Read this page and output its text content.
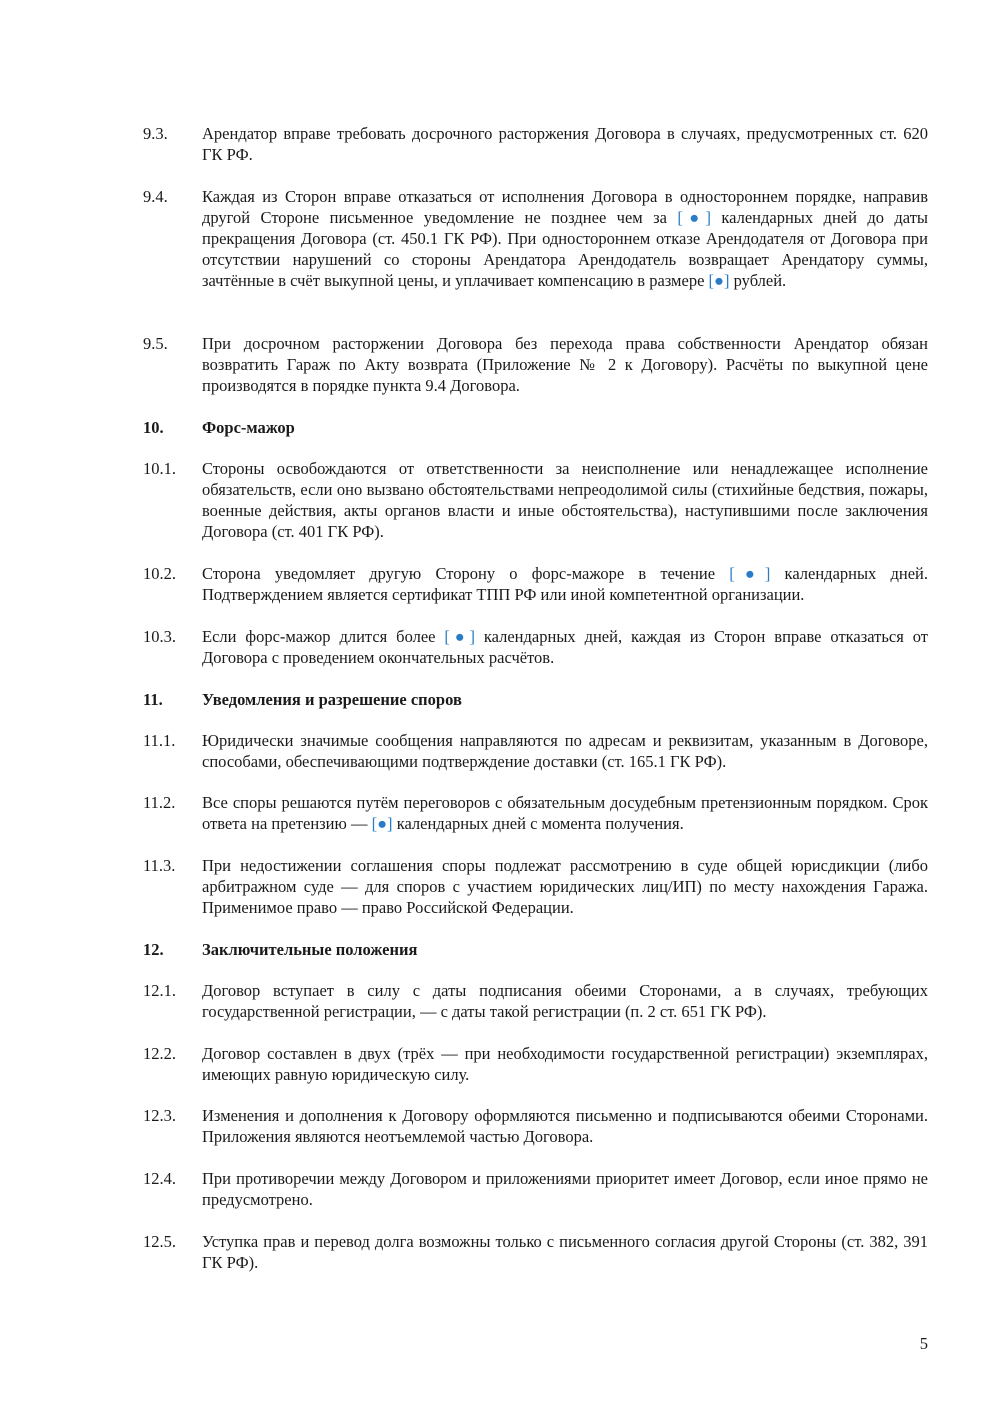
9.3.	Арендатор вправе требовать досрочного расторжения Договора в случаях, предусмотренных ст. 620 ГК РФ.
9.4.	Каждая из Сторон вправе отказаться от исполнения Договора в одностороннем порядке, направив другой Стороне письменное уведомление не позднее чем за [●] календарных дней до даты прекращения Договора (ст. 450.1 ГК РФ). При одностороннем отказе Арендодателя от Договора при отсутствии нарушений со стороны Арендатора Арендодатель возвращает Арендатору суммы, зачтённые в счёт выкупной цены, и уплачивает компенсацию в размере [●] рублей.
9.5.	При досрочном расторжении Договора без перехода права собственности Арендатор обязан возвратить Гараж по Акту возврата (Приложение № 2 к Договору). Расчёты по выкупной цене производятся в порядке пункта 9.4 Договора.
10.	Форс-мажор
10.1.	Стороны освобождаются от ответственности за неисполнение или ненадлежащее исполнение обязательств, если оно вызвано обстоятельствами непреодолимой силы (стихийные бедствия, пожары, военные действия, акты органов власти и иные обстоятельства), наступившими после заключения Договора (ст. 401 ГК РФ).
10.2.	Сторона уведомляет другую Сторону о форс-мажоре в течение [●] календарных дней. Подтверждением является сертификат ТПП РФ или иной компетентной организации.
10.3.	Если форс-мажор длится более [●] календарных дней, каждая из Сторон вправе отказаться от Договора с проведением окончательных расчётов.
11.	Уведомления и разрешение споров
11.1.	Юридически значимые сообщения направляются по адресам и реквизитам, указанным в Договоре, способами, обеспечивающими подтверждение доставки (ст. 165.1 ГК РФ).
11.2.	Все споры решаются путём переговоров с обязательным досудебным претензионным порядком. Срок ответа на претензию — [●] календарных дней с момента получения.
11.3.	При недостижении соглашения споры подлежат рассмотрению в суде общей юрисдикции (либо арбитражном суде — для споров с участием юридических лиц/ИП) по месту нахождения Гаража. Применимое право — право Российской Федерации.
12.	Заключительные положения
12.1.	Договор вступает в силу с даты подписания обеими Сторонами, а в случаях, требующих государственной регистрации, — с даты такой регистрации (п. 2 ст. 651 ГК РФ).
12.2.	Договор составлен в двух (трёх — при необходимости государственной регистрации) экземплярах, имеющих равную юридическую силу.
12.3.	Изменения и дополнения к Договору оформляются письменно и подписываются обеими Сторонами. Приложения являются неотъемлемой частью Договора.
12.4.	При противоречии между Договором и приложениями приоритет имеет Договор, если иное прямо не предусмотрено.
12.5.	Уступка прав и перевод долга возможны только с письменного согласия другой Стороны (ст. 382, 391 ГК РФ).
5
